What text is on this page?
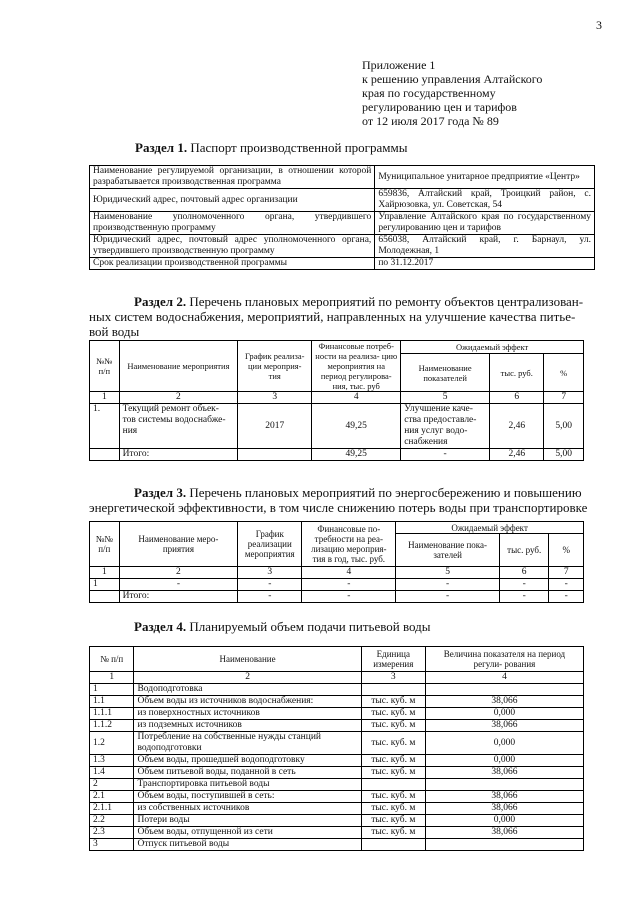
3
Приложение 1
к решению управления Алтайского
края по государственному
регулированию цен и тарифов
от 12 июля 2017 года № 89
Раздел 1. Паспорт производственной программы
Наименование регулируемой организации, в отношении которой разрабатывается производственная программа	Муниципальное унитарное предприятие «Центр»
Юридический адрес, почтовый адрес организации	659836, Алтайский край, Троицкий район, с. Хайрюзовка, ул. Советская, 54
Наименование уполномоченного органа, утвердившего производственную программу	Управление Алтайского края по государственному регулированию цен и тарифов
Юридический адрес, почтовый адрес уполномоченного органа, утвердившего производственную программу	656038, Алтайский край, г. Барнаул, ул. Молодежная, 1
Срок реализации производственной программы	по 31.12.2017
Раздел 2. Перечень плановых мероприятий по ремонту объектов централизован-
ных систем водоснабжения, мероприятий, направленных на улучшение качества питье-
вой воды
№№ п/п	Наименование мероприятия	График реализа- ции мероприя- тия	Финансовые потреб- ности на реализа- цию мероприятия на период регулирова- ния, тыс. руб	Ожидаемый эффект		
				Наименование показателей	тыс. руб.	%
1	2	3	4	5	6	7
1.	Текущий ремонт объек- тов системы водоснабже- ния	2017	49,25	Улучшение каче- ства предоставле- ния услуг водо- снабжения	2,46	5,00
	Итого:		49,25	-	2,46	5,00
Раздел 3. Перечень плановых мероприятий по энергосбережению и повышению
энергетической эффективности, в том числе снижению потерь воды при транспортировке
№№ п/п	Наименование меро- приятия	График реализации мероприятия	Финансовые по- требности на реа- лизацию мероприя- тия в год, тыс. руб.	Ожидаемый эффект		
				Наименование пока- зателей	тыс. руб.	%
1	2	3	4	5	6	7
1	-	-	-	-	-	-
	Итого:	-	-	-	-	-
Раздел 4. Планируемый объем подачи питьевой воды
№ п/п	Наименование	Единица измерения	Величина показателя на период регули- рования
1	2	3	4
1	Водоподготовка		
1.1	Объем воды из источников водоснабжения:	тыс. куб. м	38,066
1.1.1	из поверхностных источников	тыс. куб. м	0,000
1.1.2	из подземных источников	тыс. куб. м	38,066
1.2	Потребление на собственные нужды станций водоподготовки	тыс. куб. м	0,000
1.3	Объем воды, прошедшей водоподготовку	тыс. куб. м	0,000
1.4	Объем питьевой воды, поданной в сеть	тыс. куб. м	38,066
2	Транспортировка питьевой воды		
2.1	Объем воды, поступившей в сеть:	тыс. куб. м	38,066
2.1.1	из собственных источников	тыс. куб. м	38,066
2.2	Потери воды	тыс. куб. м	0,000
2.3	Объем воды, отпущенной из сети	тыс. куб. м	38,066
3	Отпуск питьевой воды		
